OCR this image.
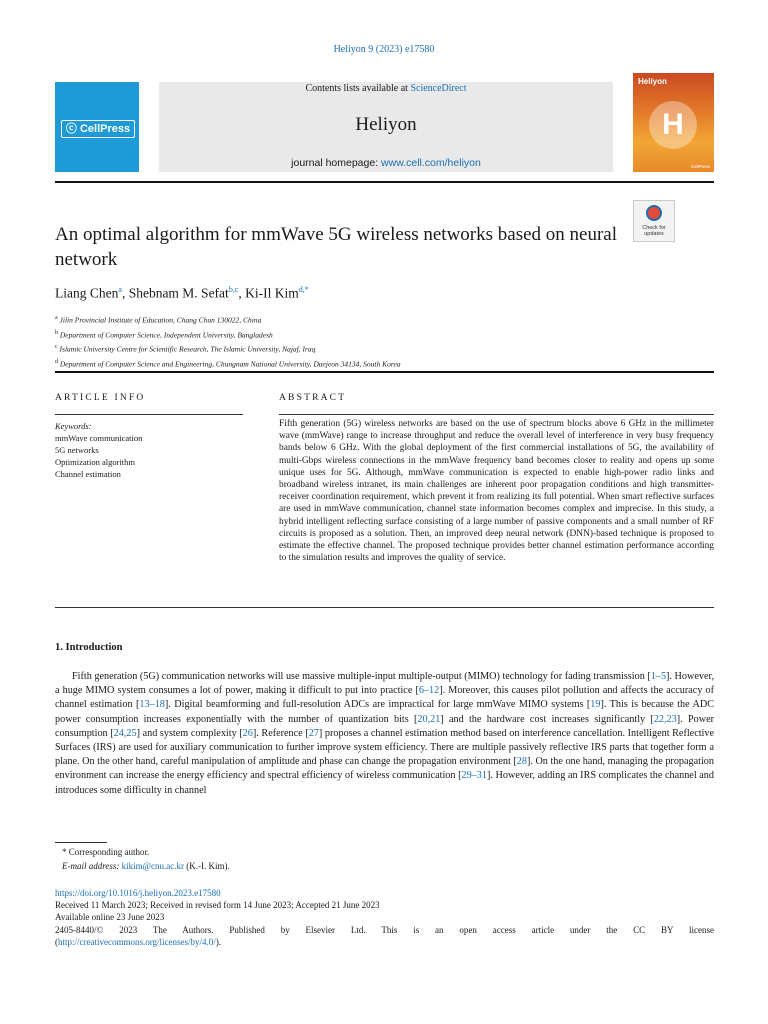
Heliyon 9 (2023) e17580
ⓒ CellPress
Contents lists available at ScienceDirect
Heliyon
journal homepage: www.cell.com/heliyon
Heliyon
H
CellPress
Check for updates
An optimal algorithm for mmWave 5G wireless networks based on neural network
Liang Chen$^a$, Shebnam M. Sefat$^{b,c}$, Ki-Il Kim$^{d,*}$
$^a$ Jilin Provincial Institute of Education, Chang Chun 130022, China
$^b$ Department of Computer Science, Independent University, Bangladesh
$^c$ Islamic University Centre for Scientific Research, The Islamic University, Najaf, Iraq
$^d$ Department of Computer Science and Engineering, Chungnam National University, Daejeon 34134, South Korea
ARTICLE INFO	ABSTRACT
Keywords:
mmWave communication
5G networks
Optimization algorithm
Channel estimation
Fifth generation (5G) wireless networks are based on the use of spectrum blocks above 6 GHz in the millimeter wave (mmWave) range to increase throughput and reduce the overall level of interference in very busy frequency bands below 6 GHz. With the global deployment of the first commercial installations of 5G, the availability of multi-Gbps wireless connections in the mmWave frequency band becomes closer to reality and opens up some unique uses for 5G. Although, mmWave communication is expected to enable high-power radio links and broadband wireless intranet, its main challenges are inherent poor propagation conditions and high transmitter-receiver coordination requirement, which prevent it from realizing its full potential. When smart reflective surfaces are used in mmWave communication, channel state information becomes complex and imprecise. In this study, a hybrid intelligent reflecting surface consisting of a large number of passive components and a small number of RF circuits is proposed as a solution. Then, an improved deep neural network (DNN)-based technique is proposed to estimate the effective channel. The proposed technique provides better channel estimation performance according to the simulation results and improves the quality of service.
1. Introduction
Fifth generation (5G) communication networks will use massive multiple-input multiple-output (MIMO) technology for fading transmission [1–5]. However, a huge MIMO system consumes a lot of power, making it difficult to put into practice [6–12]. Moreover, this causes pilot pollution and affects the accuracy of channel estimation [13–18]. Digital beamforming and full-resolution ADCs are impractical for large mmWave MIMO systems [19]. This is because the ADC power consumption increases exponentially with the number of quantization bits [20,21] and the hardware cost increases significantly [22,23]. Power consumption [24,25] and system complexity [26]. Reference [27] proposes a channel estimation method based on interference cancellation. Intelligent Reflective Surfaces (IRS) are used for auxiliary communication to further improve system efficiency. There are multiple passively reflective IRS parts that together form a plane. On the other hand, careful manipulation of amplitude and phase can change the propagation environment [28]. On the one hand, managing the propagation environment can increase the energy efficiency and spectral efficiency of wireless communication [29–31]. However, adding an IRS complicates the channel and introduces some difficulty in channel
* Corresponding author.
E-mail address: kikim@cnu.ac.kr (K.-I. Kim).
https://doi.org/10.1016/j.heliyon.2023.e17580
Received 11 March 2023; Received in revised form 14 June 2023; Accepted 21 June 2023
Available online 23 June 2023
2405-8440/© 2023 The Authors. Published by Elsevier Ltd. This is an open access article under the CC BY license
(http://creativecommons.org/licenses/by/4.0/).
